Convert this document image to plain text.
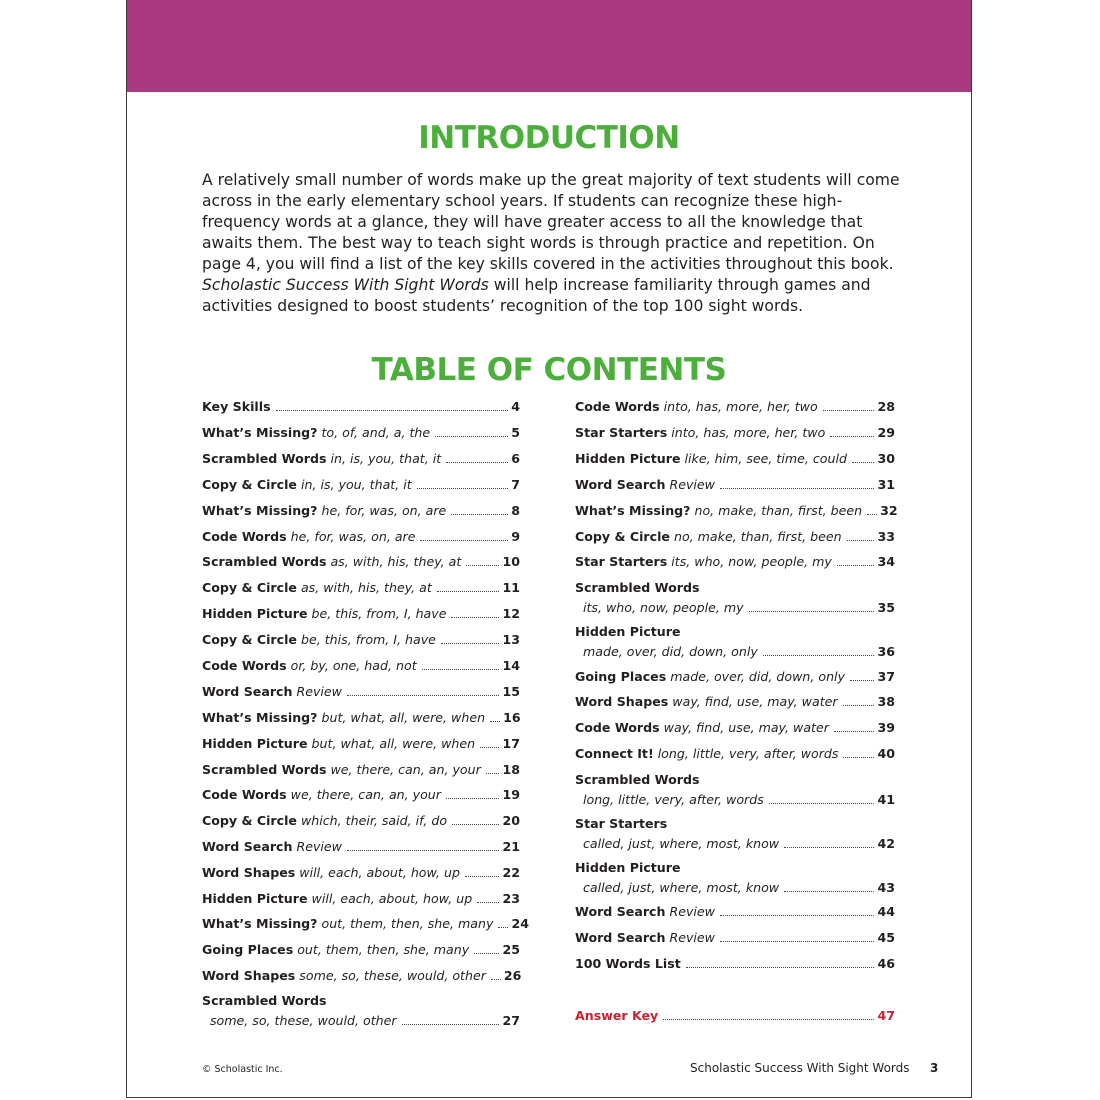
INTRODUCTION

A relatively small number of words make up the great majority of text students will come across in the early elementary school years. If students can recognize these high-frequency words at a glance, they will have greater access to all the knowledge that awaits them. The best way to teach sight words is through practice and repetition. On page 4, you will find a list of the key skills covered in the activities throughout this book. Scholastic Success With Sight Words will help increase familiarity through games and activities designed to boost students’ recognition of the top 100 sight words.

TABLE OF CONTENTS
Key Skills	4
What’s Missing? to, of, and, a, the	5
Scrambled Words in, is, you, that, it	6
Copy & Circle in, is, you, that, it	7
What’s Missing? he, for, was, on, are	8
Code Words he, for, was, on, are	9
Scrambled Words as, with, his, they, at	10
Copy & Circle as, with, his, they, at	11
Hidden Picture be, this, from, I, have	12
Copy & Circle be, this, from, I, have	13
Code Words or, by, one, had, not	14
Word Search Review	15
What’s Missing? but, what, all, were, when 16
Hidden Picture but, what, all, were, when 17
Scrambled Words we, there, can, an, your 18
Code Words we, there, can, an, your	19
Copy & Circle which, their, said, if, do	20
Word Search Review	21
Word Shapes will, each, about, how, up	22
Hidden Picture will, each, about, how, up 23
What’s Missing? out, them, then, she, many 24
Going Places out, them, then, she, many	25
Word Shapes some, so, these, would, other 26
Scrambled Words
some, so, these, would, other	27
Code Words into, has, more, her, two	28
Star Starters into, has, more, her, two	29
Hidden Picture like, him, see, time, could 30
Word Search Review	31
What’s Missing? no, make, than, first, been 32
Copy & Circle no, make, than, first, been	33
Star Starters its, who, now, people, my	34
Scrambled Words
its, who, now, people, my	35
Hidden Picture
made, over, did, down, only	36
Going Places made, over, did, down, only	37
Word Shapes way, find, use, may, water	38
Code Words way, find, use, may, water	39
Connect It! long, little, very, after, words	40
Scrambled Words
long, little, very, after, words	41
Star Starters
called, just, where, most, know	42
Hidden Picture
called, just, where, most, know	43
Word Search Review	44
Word Search Review	45
100 Words List	46
Answer Key	47
© Scholastic Inc.	Scholastic Success With Sight Words 3
